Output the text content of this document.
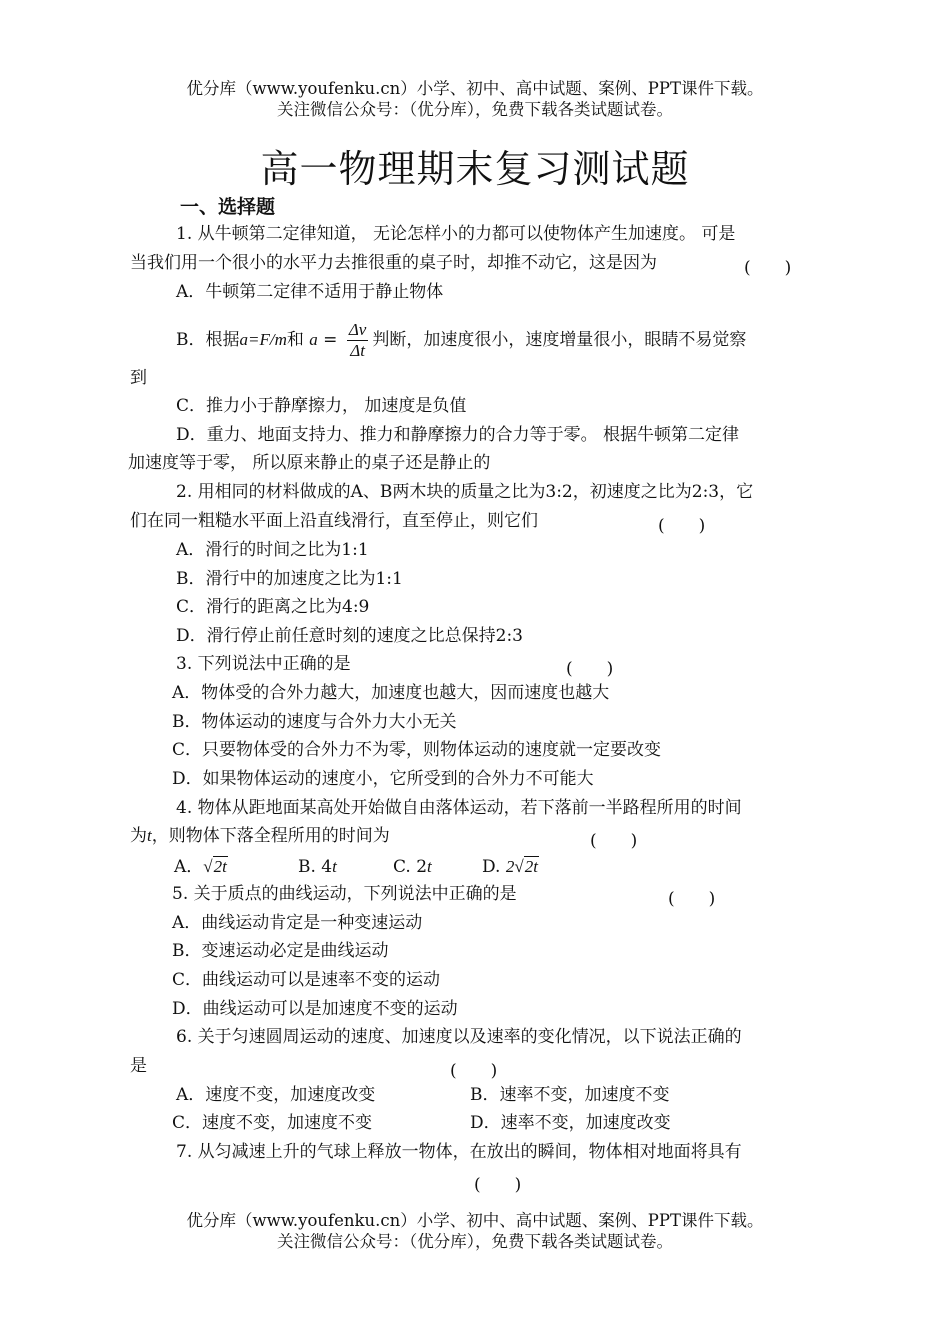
优分库（www.youfenku.cn）小学、初中、高中试题、案例、PPT课件下载。
关注微信公众号：（优分库），免费下载各类试题试卷。
高一物理期末复习测试题
一、选择题
1. 从牛顿第二定律知道， 无论怎样小的力都可以使物体产生加速度。 可是
当我们用一个很小的水平力去推很重的桌子时，却推不动它，这是因为	(　　)
A．牛顿第二定律不适用于静止物体
B．根据a=F/m和 $a = \frac{\Delta v}{\Delta t}$ 判断，加速度很小，速度增量很小，眼睛不易觉察
到
C．推力小于静摩擦力， 加速度是负值
D．重力、地面支持力、推力和静摩擦力的合力等于零。 根据牛顿第二定律
加速度等于零， 所以原来静止的桌子还是静止的
2. 用相同的材料做成的A、B两木块的质量之比为3:2，初速度之比为2:3，它
们在同一粗糙水平面上沿直线滑行，直至停止，则它们	(　　)
A．滑行的时间之比为1:1
B．滑行中的加速度之比为1:1
C．滑行的距离之比为4:9
D．滑行停止前任意时刻的速度之比总保持2:3
3. 下列说法中正确的是	(　　)
A．物体受的合外力越大，加速度也越大，因而速度也越大
B．物体运动的速度与合外力大小无关
C．只要物体受的合外力不为零，则物体运动的速度就一定要改变
D．如果物体运动的速度小，它所受到的合外力不可能大
4. 物体从距地面某高处开始做自由落体运动，若下落前一半路程所用的时间
为t，则物体下落全程所用的时间为	(　　)
A．√2t	B. 4t	C. 2t	D. 2√2t
5. 关于质点的曲线运动，下列说法中正确的是	(　　)
A．曲线运动肯定是一种变速运动
B．变速运动必定是曲线运动
C．曲线运动可以是速率不变的运动
D．曲线运动可以是加速度不变的运动
6. 关于匀速圆周运动的速度、加速度以及速率的变化情况，以下说法正确的
是	(　　)
A．速度不变，加速度改变	B．速率不变，加速度不变
C．速度不变，加速度不变	D．速率不变，加速度改变
7. 从匀减速上升的气球上释放一物体，在放出的瞬间，物体相对地面将具有
(　　)
优分库（www.youfenku.cn）小学、初中、高中试题、案例、PPT课件下载。
关注微信公众号：（优分库），免费下载各类试题试卷。
